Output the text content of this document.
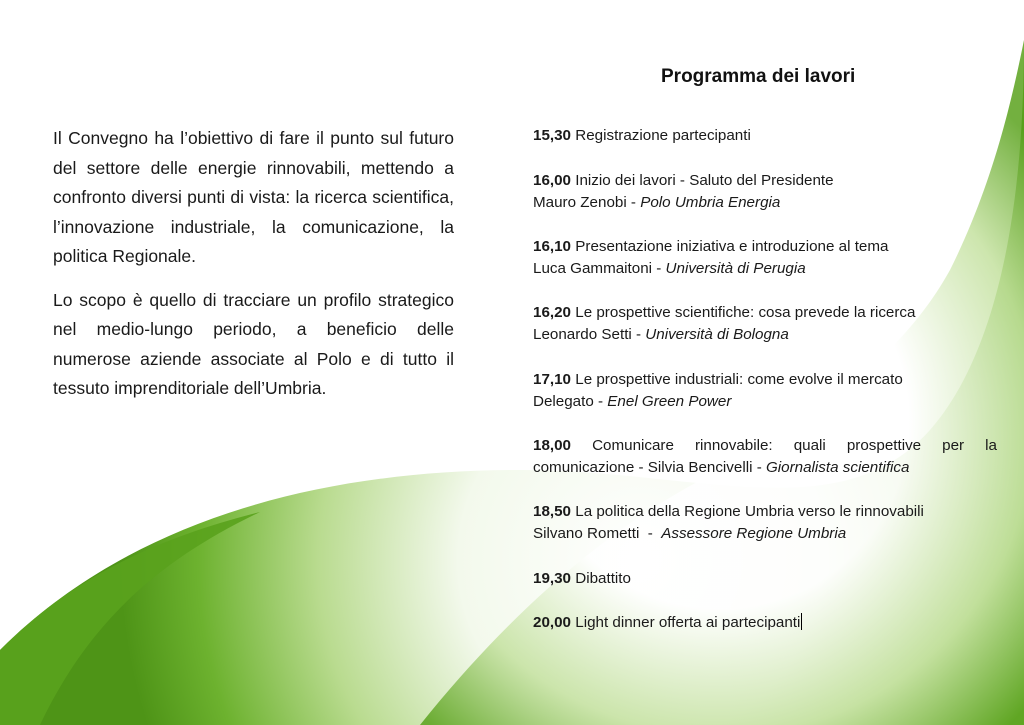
Il Convegno ha l’obiettivo di fare il punto sul futuro del settore delle energie rinnovabili, mettendo a confronto diversi punti di vista: la ricerca scientifica, l’innovazione industriale, la comunicazione, la politica Regionale.

Lo scopo è quello di tracciare un profilo strategico nel medio-lungo periodo, a beneficio delle numerose aziende associate al Polo e di tutto il tessuto imprenditoriale dell’Umbria.

Programma dei lavori
15,30 Registrazione partecipanti
16,00 Inizio dei lavori - Saluto del Presidente
Mauro Zenobi - Polo Umbria Energia
16,10 Presentazione iniziativa e introduzione al tema
Luca Gammaitoni - Università di Perugia
16,20 Le prospettive scientifiche: cosa prevede la ricerca
Leonardo Setti - Università di Bologna
17,10 Le prospettive industriali: come evolve il mercato
Delegato - Enel Green Power
18,00 Comunicare rinnovabile: quali prospettive per la comunicazione - Silvia Bencivelli - Giornalista scientifica
18,50 La politica della Regione Umbria verso le rinnovabili
Silvano Rometti  -  Assessore Regione Umbria
19,30 Dibattito
20,00 Light dinner offerta ai partecipanti
